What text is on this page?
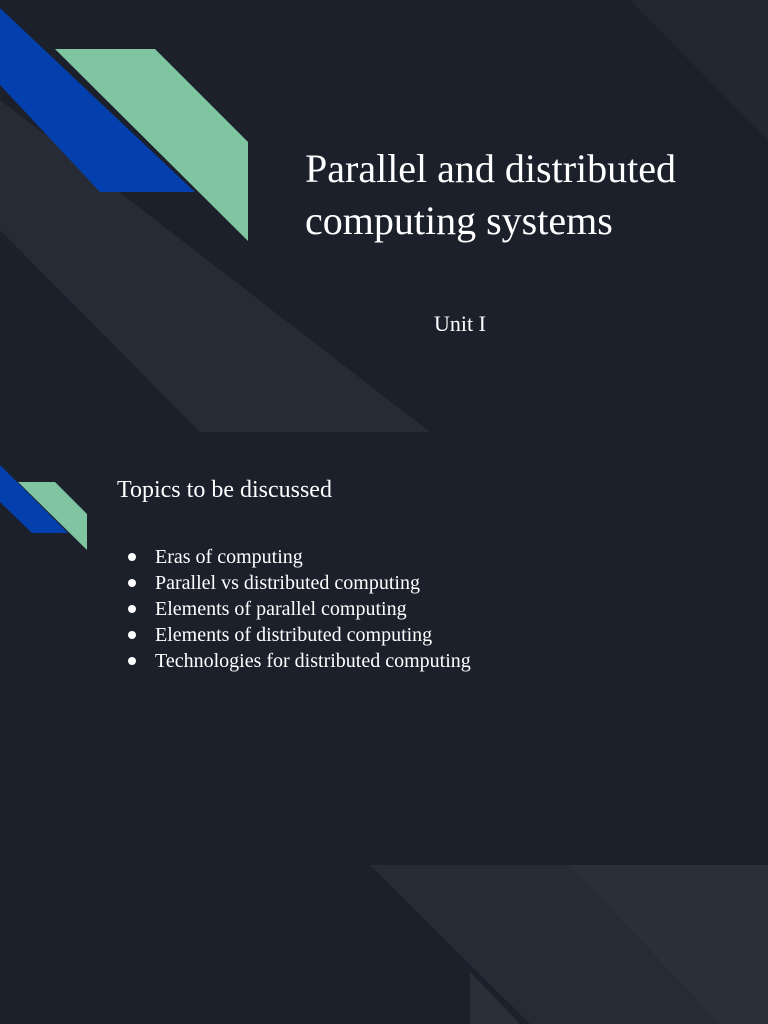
Parallel and distributed computing systems

Unit I

Topics to be discussed
Eras of computing
Parallel vs distributed computing
Elements of parallel computing
Elements of distributed computing
Technologies for distributed computing
